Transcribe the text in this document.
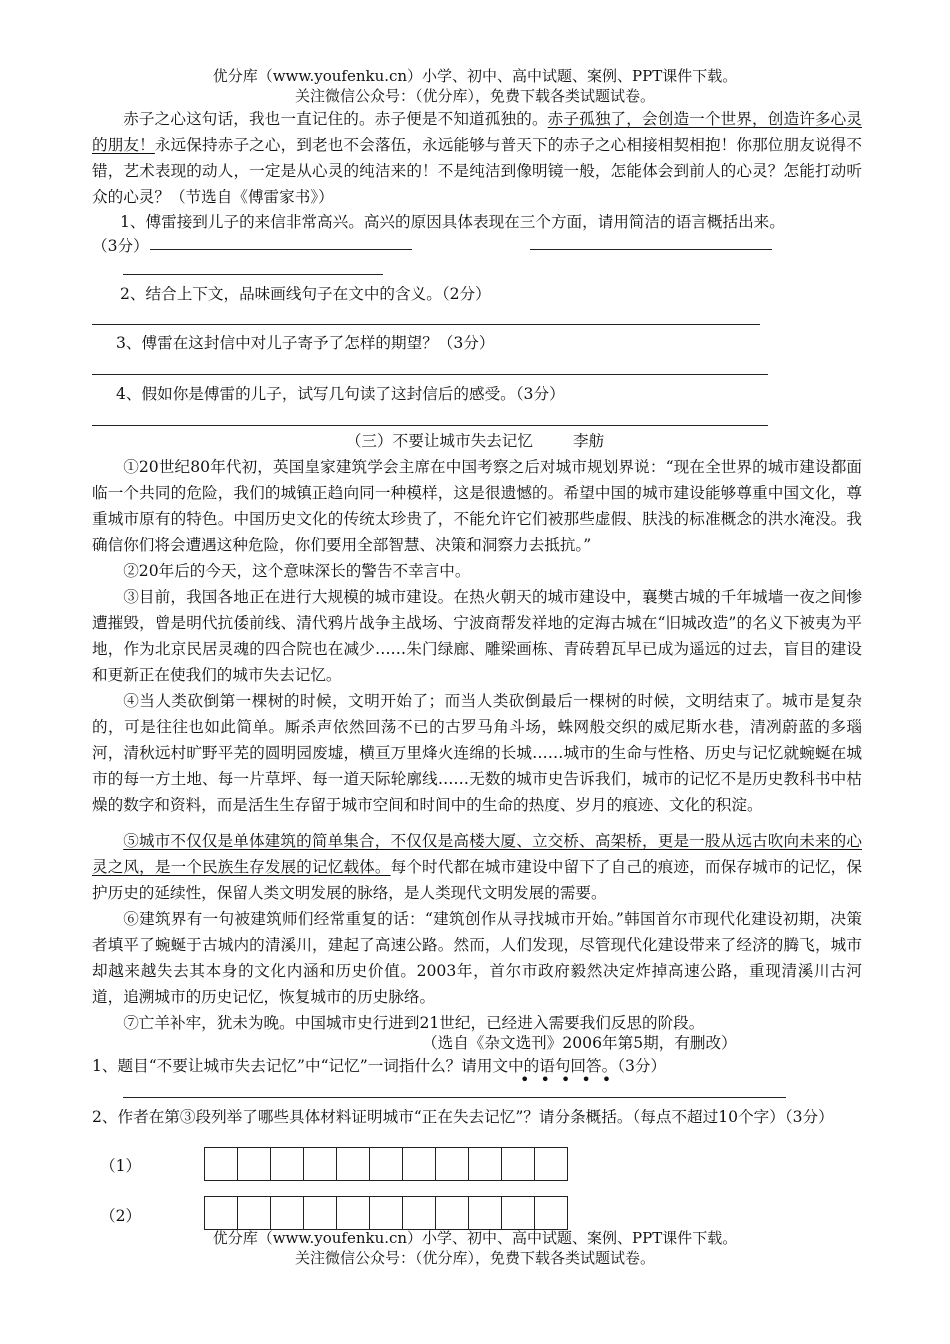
优分库（www.youfenku.cn）小学、初中、高中试题、案例、PPT课件下载。
关注微信公众号：（优分库），免费下载各类试题试卷。
赤子之心这句话，我也一直记住的。赤子便是不知道孤独的。赤子孤独了，会创造一个世界，创造许多心灵的朋友！永远保持赤子之心，到老也不会落伍，永远能够与普天下的赤子之心相接相契相抱！你那位朋友说得不错，艺术表现的动人，一定是从心灵的纯洁来的！不是纯洁到像明镜一般，怎能体会到前人的心灵？怎能打动听众的心灵？（节选自《傅雷家书》）
1、傅雷接到儿子的来信非常高兴。高兴的原因具体表现在三个方面，请用简洁的语言概括出来。
（3分）
2、结合上下文，品味画线句子在文中的含义。（2分）
3、傅雷在这封信中对儿子寄予了怎样的期望？（3分）
4、假如你是傅雷的儿子，试写几句读了这封信后的感受。（3分）
（三）不要让城市失去记忆	李舫
①20世纪80年代初，英国皇家建筑学会主席在中国考察之后对城市规划界说：“现在全世界的城市建设都面临一个共同的危险，我们的城镇正趋向同一种模样，这是很遗憾的。希望中国的城市建设能够尊重中国文化，尊重城市原有的特色。中国历史文化的传统太珍贵了，不能允许它们被那些虚假、肤浅的标准概念的洪水淹没。我确信你们将会遭遇这种危险，你们要用全部智慧、决策和洞察力去抵抗。”
②20年后的今天，这个意味深长的警告不幸言中。
③目前，我国各地正在进行大规模的城市建设。在热火朝天的城市建设中，襄樊古城的千年城墙一夜之间惨遭摧毁，曾是明代抗倭前线、清代鸦片战争主战场、宁波商帮发祥地的定海古城在“旧城改造”的名义下被夷为平地，作为北京民居灵魂的四合院也在减少……朱门绿廊、雕梁画栋、青砖碧瓦早已成为遥远的过去，盲目的建设和更新正在使我们的城市失去记忆。
④当人类砍倒第一棵树的时候，文明开始了；而当人类砍倒最后一棵树的时候，文明结束了。城市是复杂的，可是往往也如此简单。厮杀声依然回荡不已的古罗马角斗场，蛛网般交织的威尼斯水巷，清冽蔚蓝的多瑙河，清秋远村旷野平芜的圆明园废墟，横亘万里烽火连绵的长城……城市的生命与性格、历史与记忆就蜿蜒在城市的每一方土地、每一片草坪、每一道天际轮廓线……无数的城市史告诉我们，城市的记忆不是历史教科书中枯燥的数字和资料，而是活生生存留于城市空间和时间中的生命的热度、岁月的痕迹、文化的积淀。
⑤城市不仅仅是单体建筑的简单集合，不仅仅是高楼大厦、立交桥、高架桥，更是一股从远古吹向未来的心灵之风，是一个民族生存发展的记忆载体。每个时代都在城市建设中留下了自己的痕迹，而保存城市的记忆，保护历史的延续性，保留人类文明发展的脉络，是人类现代文明发展的需要。
⑥建筑界有一句被建筑师们经常重复的话：“建筑创作从寻找城市开始。”韩国首尔市现代化建设初期，决策者填平了蜿蜒于古城内的清溪川，建起了高速公路。然而，人们发现，尽管现代化建设带来了经济的腾飞，城市却越来越失去其本身的文化内涵和历史价值。2003年，首尔市政府毅然决定炸掉高速公路，重现清溪川古河道，追溯城市的历史记忆，恢复城市的历史脉络。
⑦亡羊补牢，犹未为晚。中国城市史行进到21世纪，已经进入需要我们反思的阶段。
（选自《杂文选刊》2006年第5期，有删改）
1、题目“不要让城市失去记忆”中“记忆”一词指什么？请用文中的语句回答。（3分）
•••••
2、作者在第③段列举了哪些具体材料证明城市“正在失去记忆”？请分条概括。（每点不超过10个字）（3分）
（1）
（2）
优分库（www.youfenku.cn）小学、初中、高中试题、案例、PPT课件下载。
关注微信公众号：（优分库），免费下载各类试题试卷。
